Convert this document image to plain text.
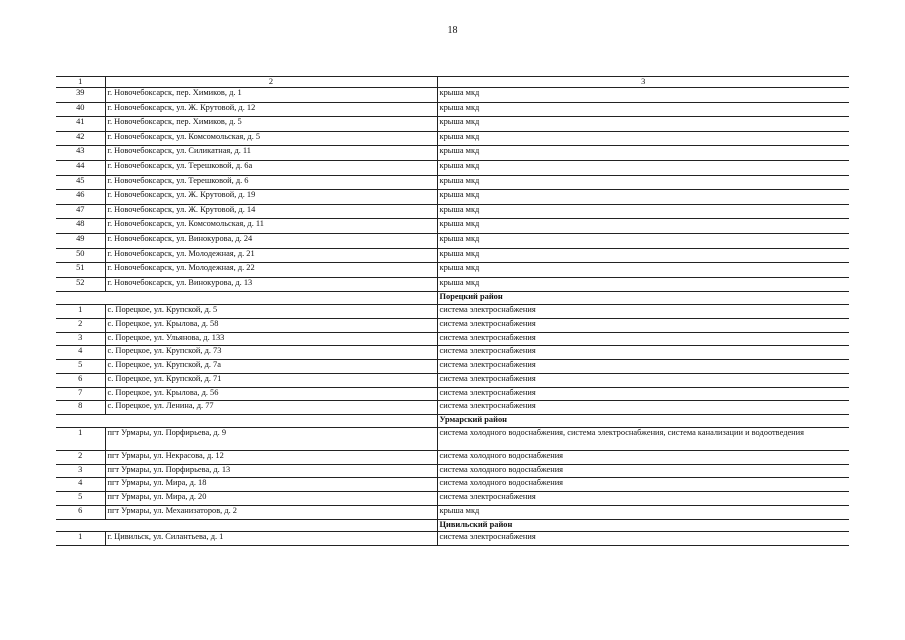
18
1	2	3
39	г. Новочебоксарск, пер. Химиков, д. 1	крыша мкд
40	г. Новочебоксарск, ул. Ж. Крутовой, д. 12	крыша мкд
41	г. Новочебоксарск, пер. Химиков, д. 5	крыша мкд
42	г. Новочебоксарск, ул. Комсомольская, д. 5	крыша мкд
43	г. Новочебоксарск, ул. Силикатная, д. 11	крыша мкд
44	г. Новочебоксарск, ул. Терешковой, д. 6а	крыша мкд
45	г. Новочебоксарск, ул. Терешковой, д. 6	крыша мкд
46	г. Новочебоксарск, ул. Ж. Крутовой, д. 19	крыша мкд
47	г. Новочебоксарск, ул. Ж. Крутовой, д. 14	крыша мкд
48	г. Новочебоксарск, ул. Комсомольская, д. 11	крыша мкд
49	г. Новочебоксарск, ул. Винокурова, д. 24	крыша мкд
50	г. Новочебоксарск, ул. Молодежная, д. 21	крыша мкд
51	г. Новочебоксарск, ул. Молодежная, д. 22	крыша мкд
52	г. Новочебоксарск, ул. Винокурова, д. 13	крыша мкд
		Порецкий район
1	с. Порецкое, ул. Крупской, д. 5	система электроснабжения
2	с. Порецкое, ул. Крылова, д. 58	система электроснабжения
3	с. Порецкое, ул. Ульянова, д. 133	система электроснабжения
4	с. Порецкое, ул. Крупской, д. 73	система электроснабжения
5	с. Порецкое, ул. Крупской, д. 7а	система электроснабжения
6	с. Порецкое, ул. Крупской, д. 71	система электроснабжения
7	с. Порецкое, ул. Крылова, д. 56	система электроснабжения
8	с. Порецкое, ул. Ленина, д. 77	система электроснабжения
		Урмарский район
1	пгт Урмары, ул. Порфирьева, д. 9	система холодного водоснабжения, система электроснабжения, система канализации и водоотведения
2	пгт Урмары, ул. Некрасова, д. 12	система холодного водоснабжения
3	пгт Урмары, ул. Порфирьева, д. 13	система холодного водоснабжения
4	пгт Урмары, ул. Мира, д. 18	система холодного водоснабжения
5	пгт Урмары, ул. Мира, д. 20	система электроснабжения
6	пгт Урмары, ул. Механизаторов, д. 2	крыша мкд
		Цивильский район
1	г. Цивильск, ул. Силантьева, д. 1	система электроснабжения
